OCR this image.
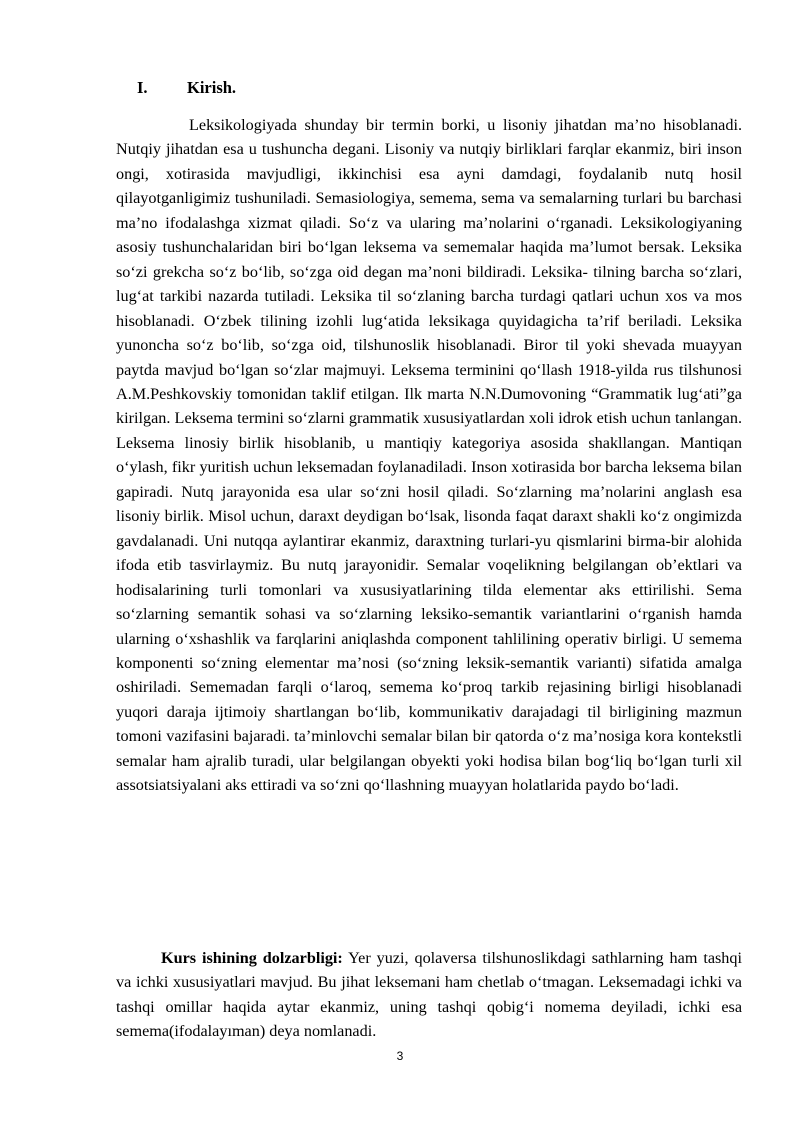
I. Kirish.

Leksikologiyada shunday bir termin borki, u lisoniy jihatdan ma’no hisoblanadi. Nutqiy jihatdan esa u tushuncha degani. Lisoniy va nutqiy birliklari farqlar ekanmiz, biri inson ongi, xotirasida mavjudligi, ikkinchisi esa ayni damdagi, foydalanib nutq hosil qilayotganligimiz tushuniladi. Semasiologiya, semema, sema va semalarning turlari bu barchasi ma’no ifodalashga xizmat qiladi. So‘z va ularing ma’nolarini o‘rganadi. Leksikologiyaning asosiy tushunchalaridan biri bo‘lgan leksema va sememalar haqida ma’lumot bersak. Leksika so‘zi grekcha so‘z bo‘lib, so‘zga oid degan ma’noni bildiradi. Leksika- tilning barcha so‘zlari, lug‘at tarkibi nazarda tutiladi. Leksika til so‘zlaning barcha turdagi qatlari uchun xos va mos hisoblanadi. O‘zbek tilining izohli lug‘atida leksikaga quyidagicha ta’rif beriladi. Leksika yunoncha so‘z bo‘lib, so‘zga oid, tilshunoslik hisoblanadi. Biror til yoki shevada muayyan paytda mavjud bo‘lgan so‘zlar majmuyi. Leksema terminini qo‘llash 1918-yilda rus tilshunosi A.M.Peshkovskiy tomonidan taklif etilgan. Ilk marta N.N.Dumovoning “Grammatik lug‘ati”ga kirilgan. Leksema termini so‘zlarni grammatik xususiyatlardan xoli idrok etish uchun tanlangan. Leksema linosiy birlik hisoblanib, u mantiqiy kategoriya asosida shakllangan. Mantiqan o‘ylash, fikr yuritish uchun leksemadan foylanadiladi. Inson xotirasida bor barcha leksema bilan gapiradi. Nutq jarayonida esa ular so‘zni hosil qiladi. So‘zlarning ma’nolarini anglash esa lisoniy birlik. Misol uchun, daraxt deydigan bo‘lsak, lisonda faqat daraxt shakli ko‘z ongimizda gavdalanadi. Uni nutqqa aylantirar ekanmiz, daraxtning turlari-yu qismlarini birma-bir alohida ifoda etib tasvirlaymiz. Bu nutq jarayonidir. Semalar voqelikning belgilangan ob’ektlari va hodisalarining turli tomonlari va xususiyatlarining tilda elementar aks ettirilishi. Sema so‘zlarning semantik sohasi va so‘zlarning leksiko-semantik variantlarini o‘rganish hamda ularning o‘xshashlik va farqlarini aniqlashda component tahlilining operativ birligi. U semema komponenti so‘zning elementar ma’nosi (so‘zning leksik-semantik varianti) sifatida amalga oshiriladi. Sememadan farqli o‘laroq, semema ko‘proq tarkib rejasining birligi hisoblanadi yuqori daraja ijtimoiy shartlangan bo‘lib, kommunikativ darajadagi til birligining mazmun tomoni vazifasini bajaradi. ta’minlovchi semalar bilan bir qatorda o‘z ma’nosiga kora kontekstli semalar ham ajralib turadi, ular belgilangan obyekti yoki hodisa bilan bog‘liq bo‘lgan turli xil assotsiatsiyalani aks ettiradi va so‘zni qo‘llashning muayyan holatlarida paydo bo‘ladi.

Kurs ishining dolzarbligi: Yer yuzi, qolaversa tilshunoslikdagi sathlarning ham tashqi va ichki xususiyatlari mavjud. Bu jihat leksemani ham chetlab o‘tmagan. Leksemadagi ichki va tashqi omillar haqida aytar ekanmiz, uning tashqi qobig‘i nomema deyiladi, ichki esa semema(ifodalayıman) deya nomlanadi.

3
